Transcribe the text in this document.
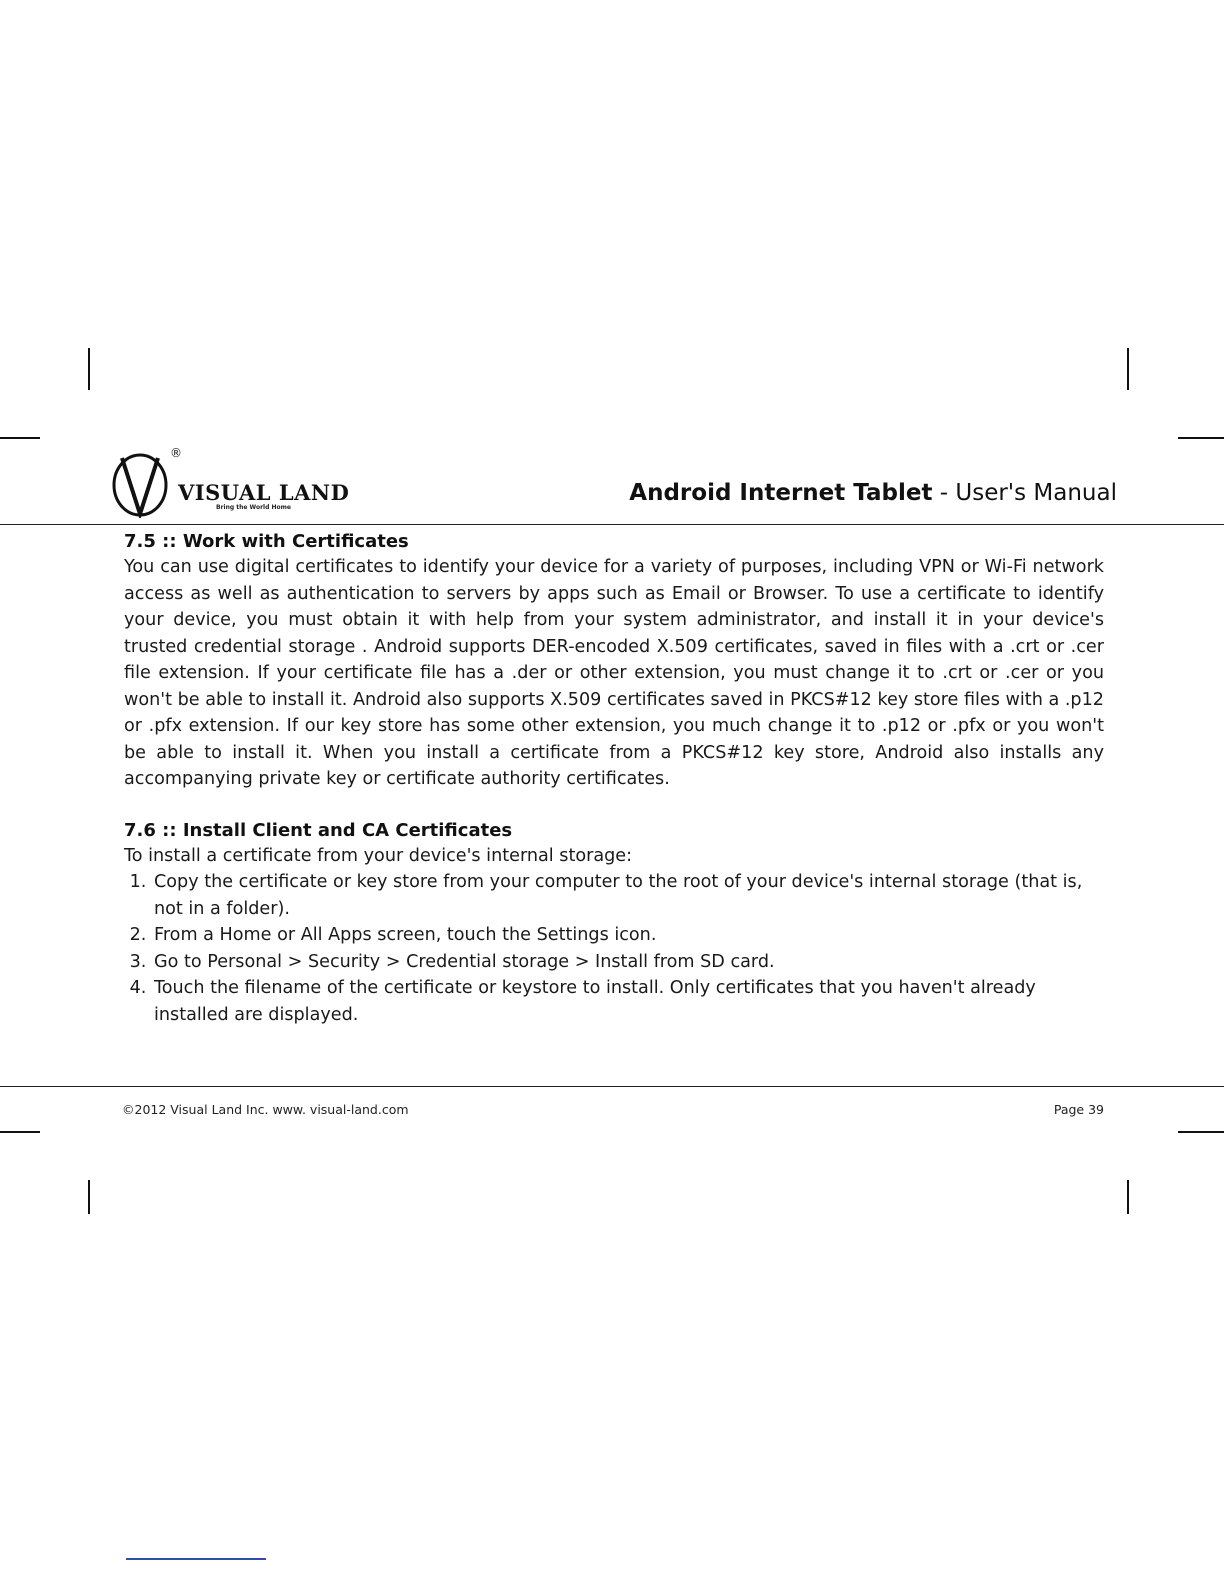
®
VISUAL LAND
Bring the World Home
Android Internet Tablet - User's Manual
7.5 :: Work with Certificates

You can use digital certificates to identify your device for a variety of purposes, including VPN or Wi-Fi network access as well as authentication to servers by apps such as Email or Browser. To use a certificate to identify your device, you must obtain it with help from your system administrator, and install it in your device's trusted credential storage . Android supports DER-encoded X.509 certificates, saved in files with a .crt or .cer file extension. If your certificate file has a .der or other extension, you must change it to .crt or .cer or you won't be able to install it. Android also supports X.509 certificates saved in PKCS#12 key store files with a .p12 or .pfx extension. If our key store has some other extension, you much change it to .p12 or .pfx or you won't be able to install it. When you install a certificate from a PKCS#12 key store, Android also installs any accompanying private key or certificate authority certificates.

7.6 :: Install Client and CA Certificates

To install a certificate from your device's internal storage:

1. Copy the certificate or key store from your computer to the root of your device's internal storage (that is, not in a folder).
2. From a Home or All Apps screen, touch the Settings icon.
3. Go to Personal > Security > Credential storage > Install from SD card.
4. Touch the filename of the certificate or keystore to install. Only certificates that you haven't already installed are displayed.
©2012 Visual Land Inc. www. visual-land.com	Page 39
